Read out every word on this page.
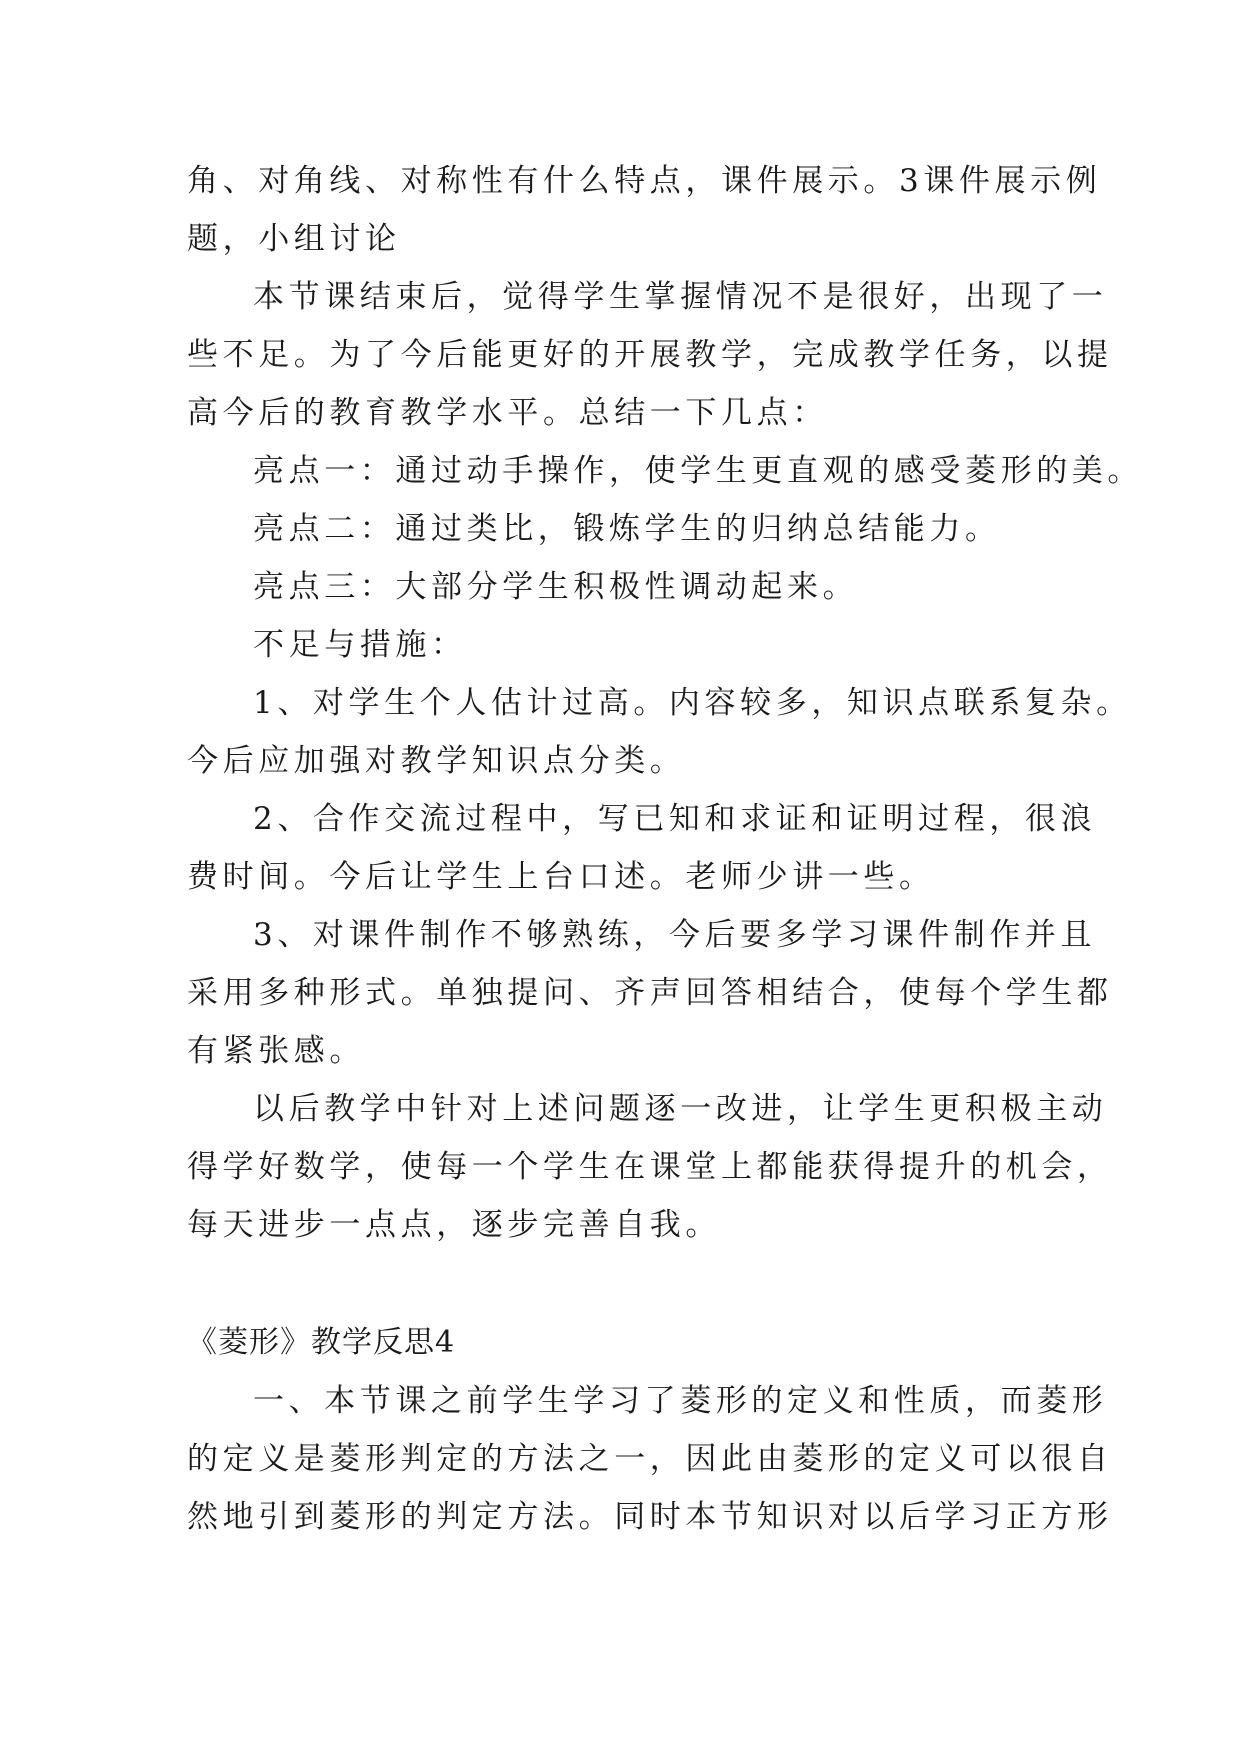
角、对角线、对称性有什么特点，课件展示。3课件展示例
题，小组讨论
本节课结束后，觉得学生掌握情况不是很好，出现了一
些不足。为了今后能更好的开展教学，完成教学任务，以提
高今后的教育教学水平。总结一下几点：
亮点一：通过动手操作，使学生更直观的感受菱形的美。
亮点二：通过类比，锻炼学生的归纳总结能力。
亮点三：大部分学生积极性调动起来。
不足与措施：
1、对学生个人估计过高。内容较多，知识点联系复杂。
今后应加强对教学知识点分类。
2、合作交流过程中，写已知和求证和证明过程，很浪
费时间。今后让学生上台口述。老师少讲一些。
3、对课件制作不够熟练，今后要多学习课件制作并且
采用多种形式。单独提问、齐声回答相结合，使每个学生都
有紧张感。
以后教学中针对上述问题逐一改进，让学生更积极主动
得学好数学，使每一个学生在课堂上都能获得提升的机会，
每天进步一点点，逐步完善自我。
《菱形》教学反思4
一、本节课之前学生学习了菱形的定义和性质，而菱形
的定义是菱形判定的方法之一，因此由菱形的定义可以很自
然地引到菱形的判定方法。同时本节知识对以后学习正方形
